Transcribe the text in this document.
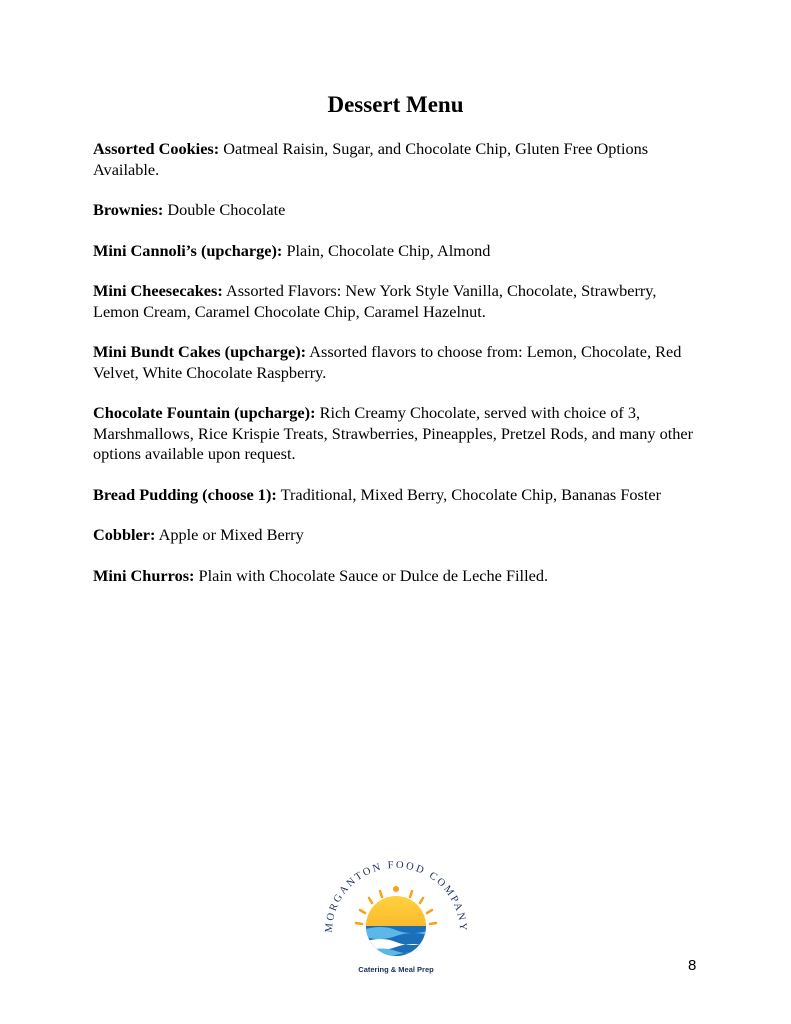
Dessert Menu

Assorted Cookies: Oatmeal Raisin, Sugar, and Chocolate Chip, Gluten Free Options Available.

Brownies: Double Chocolate

Mini Cannoli’s (upcharge): Plain, Chocolate Chip, Almond

Mini Cheesecakes: Assorted Flavors: New York Style Vanilla, Chocolate, Strawberry, Lemon Cream, Caramel Chocolate Chip, Caramel Hazelnut.

Mini Bundt Cakes (upcharge): Assorted flavors to choose from: Lemon, Chocolate, Red Velvet, White Chocolate Raspberry.

Chocolate Fountain (upcharge): Rich Creamy Chocolate, served with choice of 3, Marshmallows, Rice Krispie Treats, Strawberries, Pineapples, Pretzel Rods, and many other options available upon request.

Bread Pudding (choose 1): Traditional, Mixed Berry, Chocolate Chip, Bananas Foster

Cobbler: Apple or Mixed Berry

Mini Churros: Plain with Chocolate Sauce or Dulce de Leche Filled.

MORGANTON FOOD COMPANY
Catering & Meal Prep	8
